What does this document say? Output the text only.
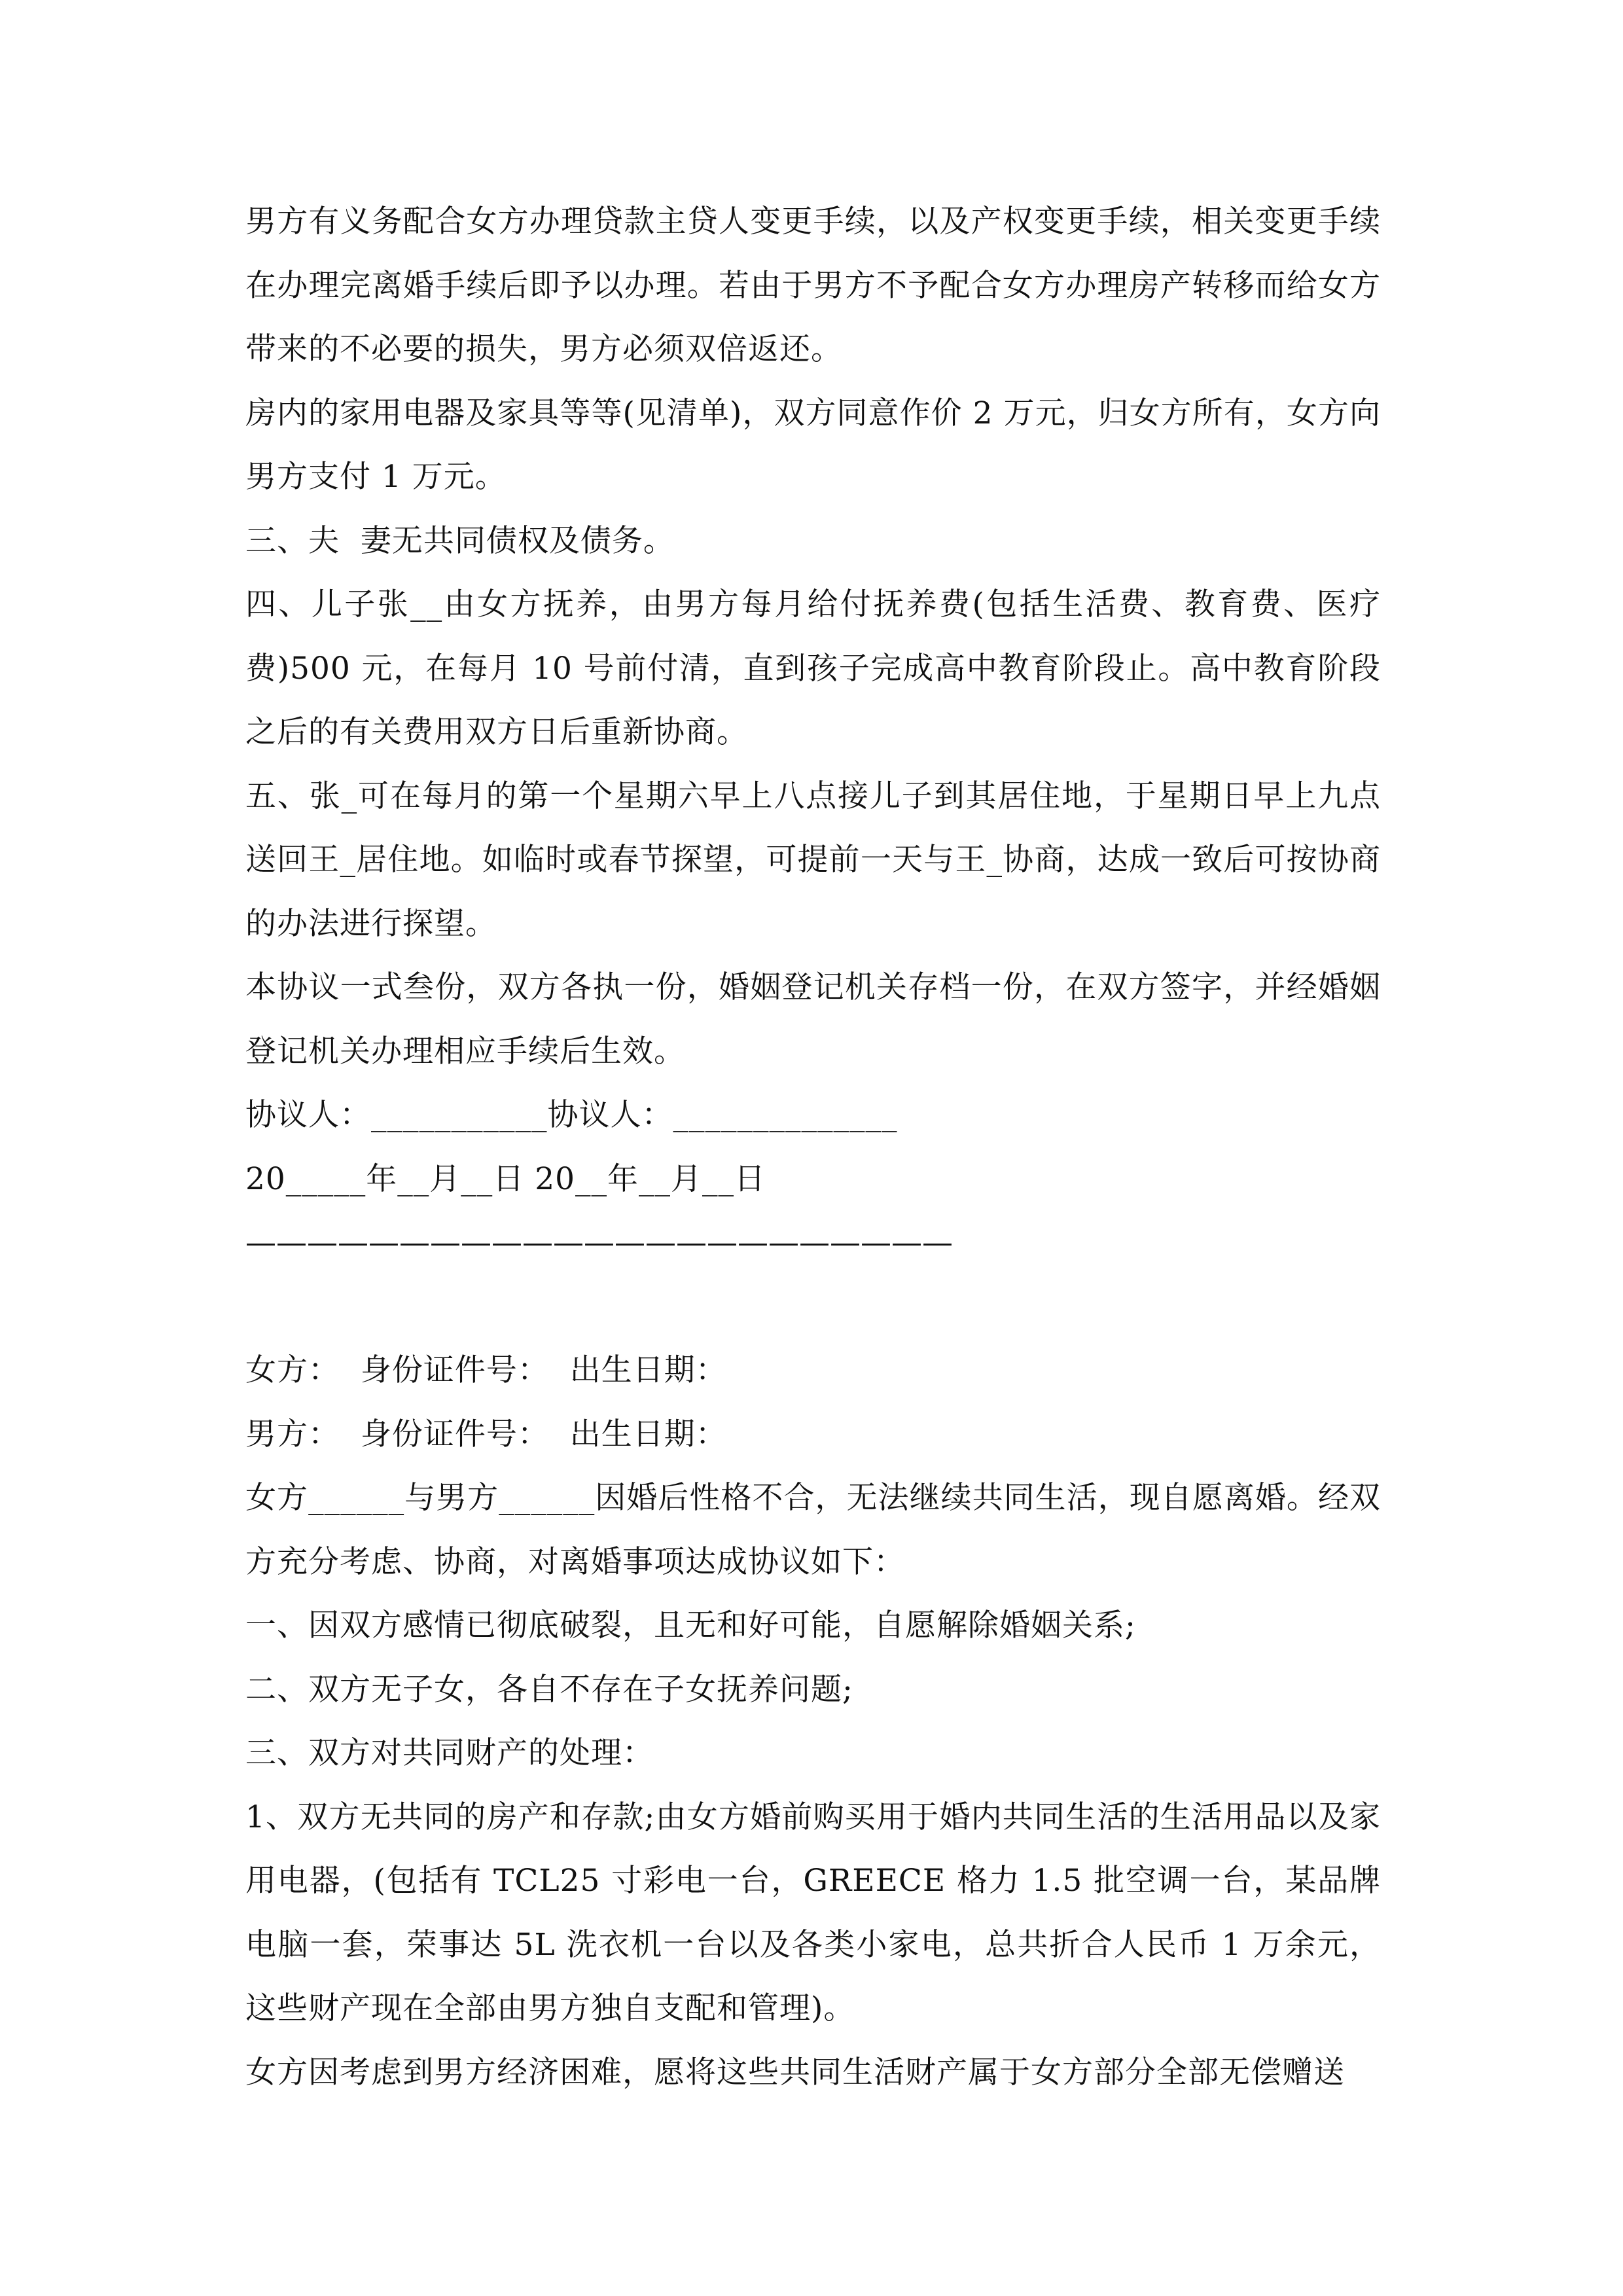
男方有义务配合女方办理贷款主贷人变更手续，以及产权变更手续，相关变更手续在办理完离婚手续后即予以办理。若由于男方不予配合女方办理房产转移而给女方带来的不必要的损失，男方必须双倍返还。

房内的家用电器及家具等等(见清单)，双方同意作价 2 万元，归女方所有，女方向男方支付 1 万元。

三、夫  妻无共同债权及债务。

四、儿子张__由女方抚养，由男方每月给付抚养费(包括生活费、教育费、医疗费)500 元，在每月 10 号前付清，直到孩子完成高中教育阶段止。高中教育阶段之后的有关费用双方日后重新协商。

五、张_可在每月的第一个星期六早上八点接儿子到其居住地，于星期日早上九点送回王_居住地。如临时或春节探望，可提前一天与王_协商，达成一致后可按协商的办法进行探望。

本协议一式叁份，双方各执一份，婚姻登记机关存档一份，在双方签字，并经婚姻登记机关办理相应手续后生效。

协议人：___________协议人：______________

20_____年__月__日 20__年__月__日

———————————————————————

女方：  身份证件号：  出生日期：

男方：  身份证件号：  出生日期：

女方______与男方______因婚后性格不合，无法继续共同生活，现自愿离婚。经双方充分考虑、协商，对离婚事项达成协议如下：

一、因双方感情已彻底破裂，且无和好可能，自愿解除婚姻关系;

二、双方无子女，各自不存在子女抚养问题;

三、双方对共同财产的处理：

1、双方无共同的房产和存款;由女方婚前购买用于婚内共同生活的生活用品以及家用电器，(包括有 TCL25 寸彩电一台，GREECE 格力 1.5 批空调一台，某品牌电脑一套，荣事达 5L 洗衣机一台以及各类小家电，总共折合人民币 1 万余元，这些财产现在全部由男方独自支配和管理)。

女方因考虑到男方经济困难，愿将这些共同生活财产属于女方部分全部无偿赠送
